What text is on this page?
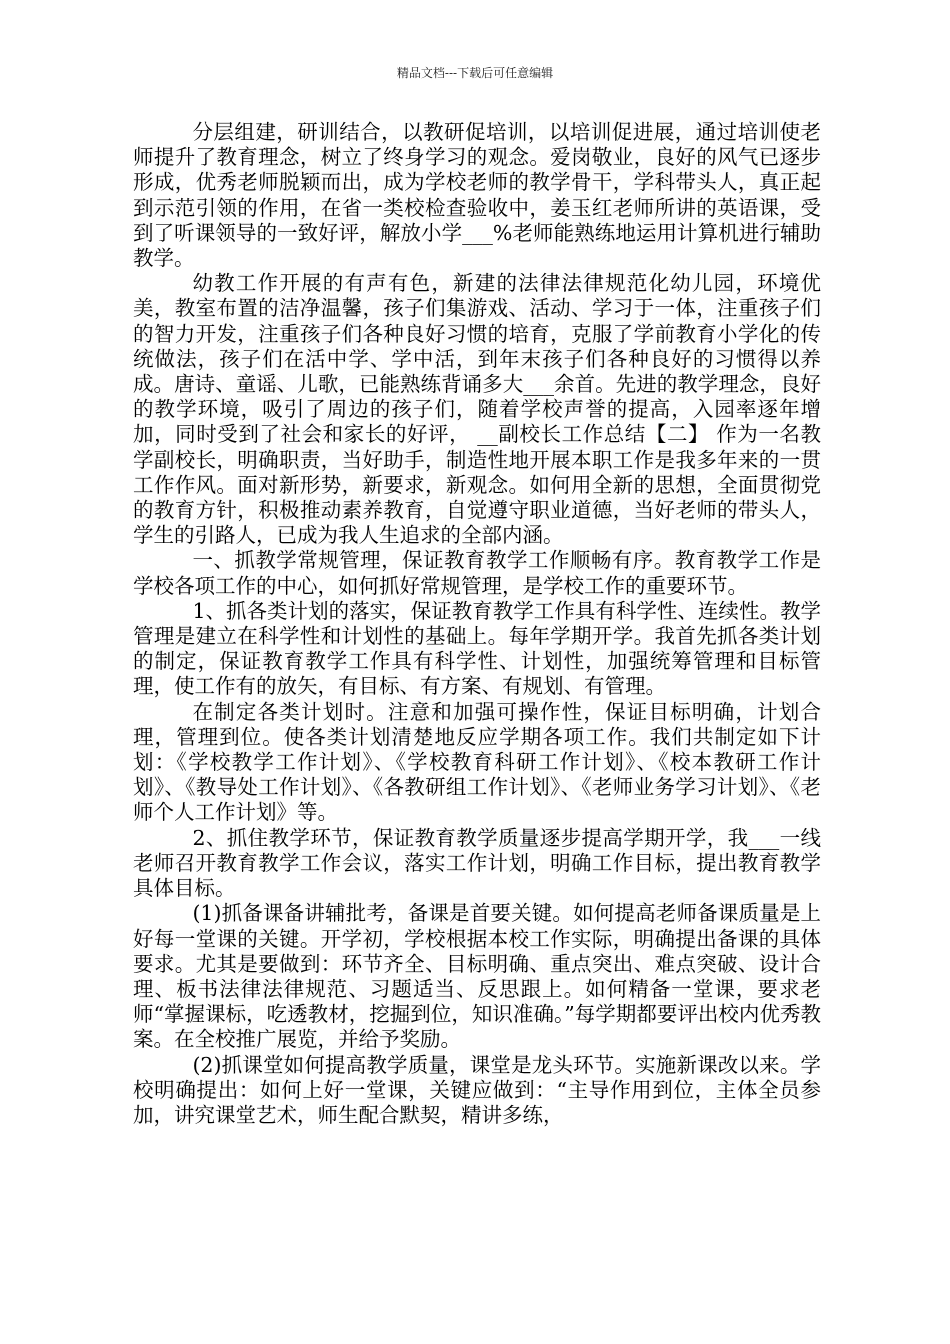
精品文档---下载后可任意编辑

分层组建，研训结合，以教研促培训，以培训促进展，通过培训使老师提升了教育理念，树立了终身学习的观念。爱岗敬业，良好的风气已逐步形成，优秀老师脱颖而出，成为学校老师的教学骨干，学科带头人，真正起到示范引领的作用，在省一类校检查验收中，姜玉红老师所讲的英语课，受到了听课领导的一致好评，解放小学___%老师能熟练地运用计算机进行辅助教学。

幼教工作开展的有声有色，新建的法律法律规范化幼儿园，环境优美，教室布置的洁净温馨，孩子们集游戏、活动、学习于一体，注重孩子们的智力开发，注重孩子们各种良好习惯的培育，克服了学前教育小学化的传统做法，孩子们在活中学、学中活，到年末孩子们各种良好的习惯得以养成。唐诗、童谣、儿歌，已能熟练背诵多大___余首。先进的教学理念，良好的教学环境，吸引了周边的孩子们，随着学校声誉的提高，入园率逐年增加，同时受到了社会和家长的好评， __副校长工作总结【二】 作为一名教学副校长，明确职责，当好助手，制造性地开展本职工作是我多年来的一贯工作作风。面对新形势，新要求，新观念。如何用全新的思想，全面贯彻党的教育方针，积极推动素养教育，自觉遵守职业道德，当好老师的带头人，学生的引路人，已成为我人生追求的全部内涵。

一、抓教学常规管理，保证教育教学工作顺畅有序。教育教学工作是学校各项工作的中心，如何抓好常规管理，是学校工作的重要环节。

1、抓各类计划的落实，保证教育教学工作具有科学性、连续性。教学管理是建立在科学性和计划性的基础上。每年学期开学。我首先抓各类计划的制定，保证教育教学工作具有科学性、计划性，加强统筹管理和目标管理，使工作有的放矢，有目标、有方案、有规划、有管理。

在制定各类计划时。注意和加强可操作性，保证目标明确，计划合理，管理到位。使各类计划清楚地反应学期各项工作。我们共制定如下计划：《学校教学工作计划》、《学校教育科研工作计划》、《校本教研工作计划》、《教导处工作计划》、《各教研组工作计划》、《老师业务学习计划》、《老师个人工作计划》等。

2、抓住教学环节，保证教育教学质量逐步提高学期开学，我___一线老师召开教育教学工作会议，落实工作计划，明确工作目标，提出教育教学具体目标。

(1)抓备课备讲辅批考，备课是首要关键。如何提高老师备课质量是上好每一堂课的关键。开学初，学校根据本校工作实际，明确提出备课的具体要求。尤其是要做到：环节齐全、目标明确、重点突出、难点突破、设计合理、板书法律法律规范、习题适当、反思跟上。如何精备一堂课，要求老师“掌握课标，吃透教材，挖掘到位，知识准确。”每学期都要评出校内优秀教案。在全校推广展览，并给予奖励。

(2)抓课堂如何提高教学质量，课堂是龙头环节。实施新课改以来。学校明确提出：如何上好一堂课，关键应做到：“主导作用到位，主体全员参加，讲究课堂艺术，师生配合默契，精讲多练，
